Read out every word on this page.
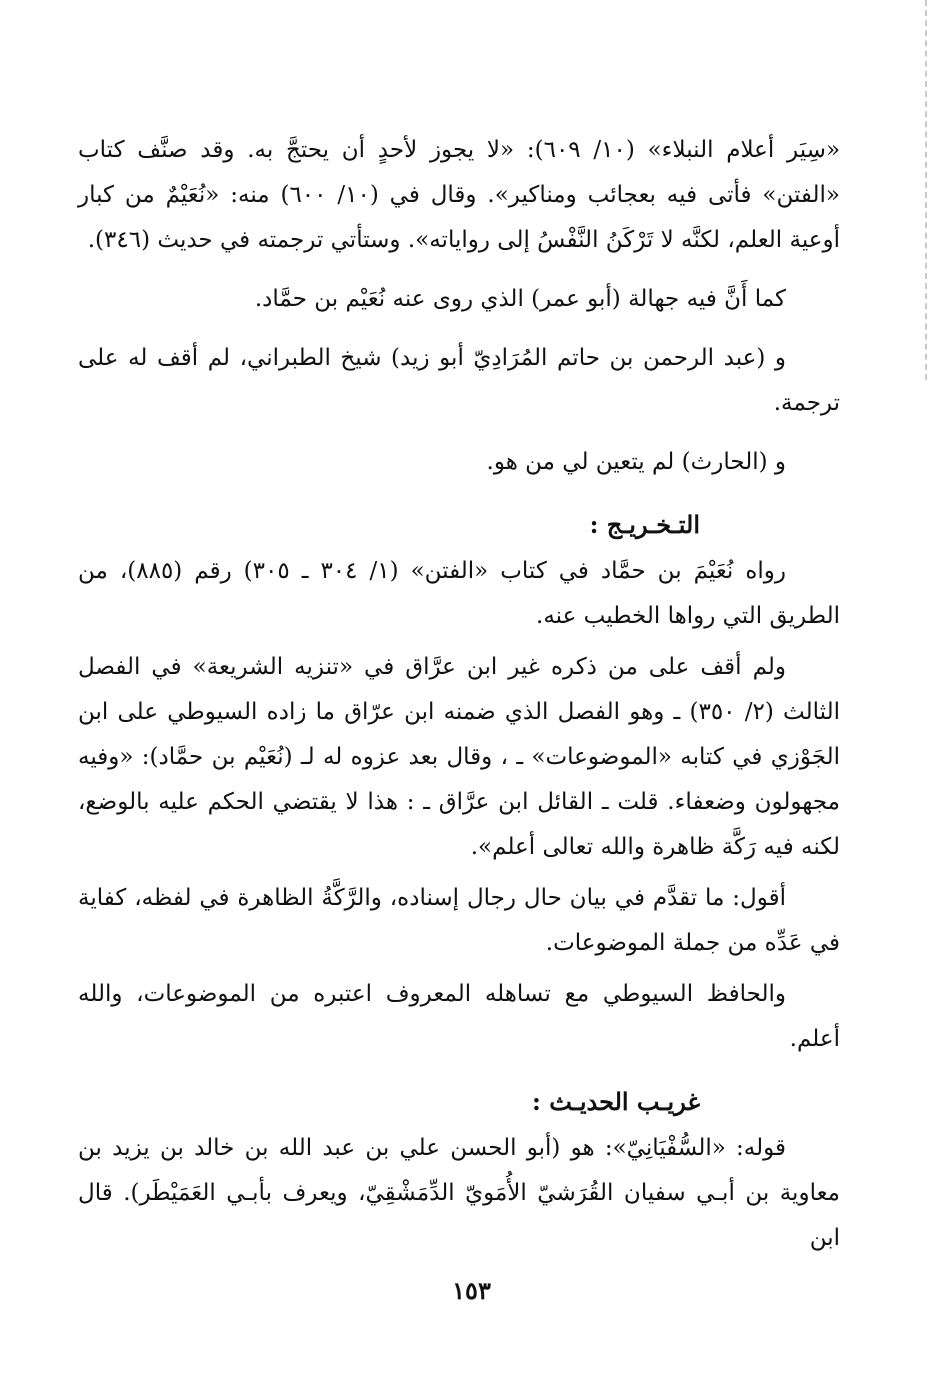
«سِيَر أعلام النبلاء» (١٠/ ٦٠٩): «لا يجوز لأحدٍ أن يحتجَّ به. وقد صنَّف كتاب «الفتن» فأتى فيه بعجائب ومناكير». وقال في (١٠/ ٦٠٠) منه: «نُعَيْمٌ من كبار أوعية العلم، لكنَّه لا تَرْكَنُ النَّفْسُ إلى رواياته». وستأتي ترجمته في حديث (٣٤٦).

كما أَنَّ فيه جهالة (أبو عمر) الذي روى عنه نُعَيْم بن حمَّاد.

و (عبد الرحمن بن حاتم المُرَادِيّ أبو زيد) شيخ الطبراني، لم أقف له على ترجمة.

و (الحارث) لم يتعين لي من هو.

التـخـريـج :

رواه نُعَيْمَ بن حمَّاد في كتاب «الفتن» (١/ ٣٠٤ ـ ٣٠٥) رقم (٨٨٥)، من الطريق التي رواها الخطيب عنه.

ولم أقف على من ذكره غير ابن عرَّاق في «تنزيه الشريعة» في الفصل الثالث (٢/ ٣٥٠) ـ وهو الفصل الذي ضمنه ابن عرّاق ما زاده السيوطي على ابن الجَوْزي في كتابه «الموضوعات» ـ ، وقال بعد عزوه له لـ (نُعَيْم بن حمَّاد): «وفيه مجهولون وضعفاء. قلت ـ القائل ابن عرَّاق ـ : هذا لا يقتضي الحكم عليه بالوضع، لكنه فيه رَكَّة ظاهرة والله تعالى أعلم».

أقول: ما تقدَّم في بيان حال رجال إسناده، والرَّكَّةُ الظاهرة في لفظه، كفاية في عَدِّه من جملة الموضوعات.

والحافظ السيوطي مع تساهله المعروف اعتبره من الموضوعات، والله أعلم.

غريـب الحديـث :

قوله: «السُّفْيَانِيّ»: هو (أبو الحسن علي بن عبد الله بن خالد بن يزيد بن معاوية بن أبـي سفيان القُرَشيّ الأُمَويّ الدِّمَشْقِيّ، ويعرف بأبـي العَمَيْطَر). قال ابن

١٥٣
